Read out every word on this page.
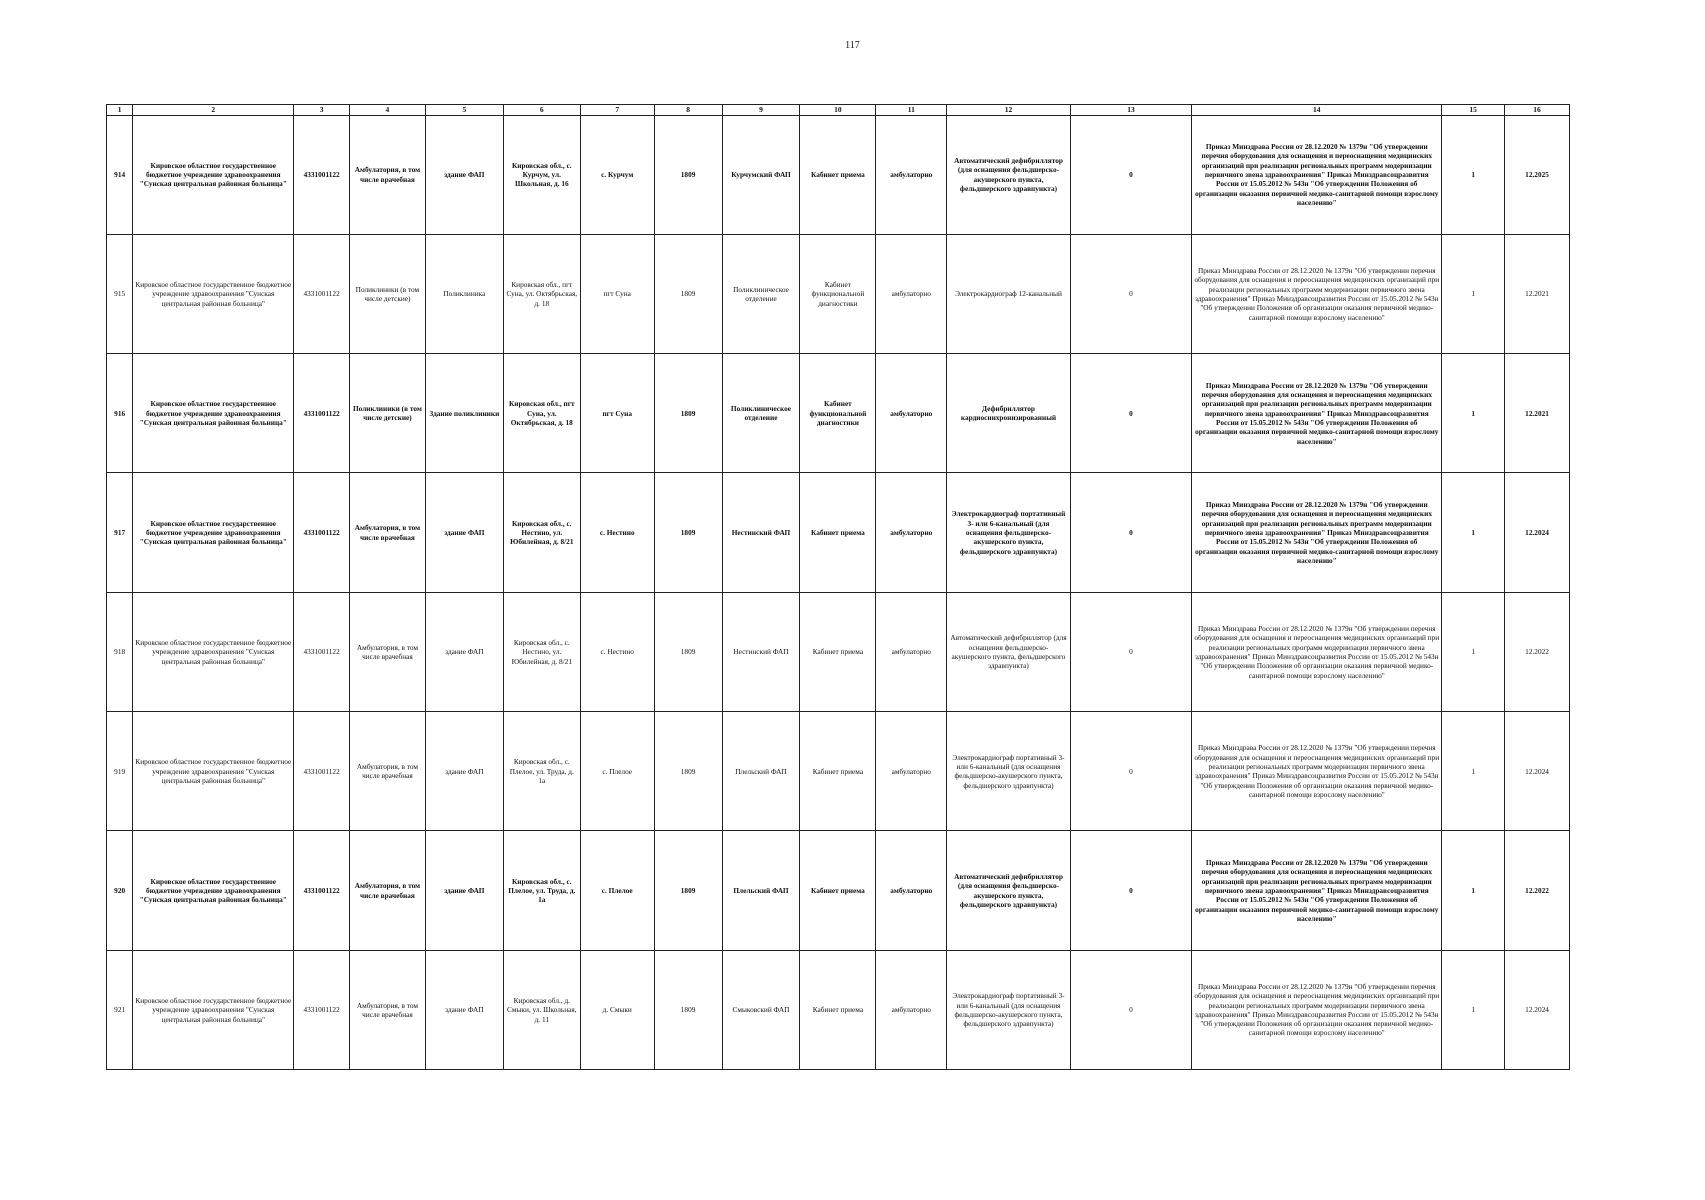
117
1	2	3	4	5	6	7	8	9	10	11	12	13	14	15	16
914	Кировское областное государственное бюджетное учреждение здравоохранения "Сунская центральная районная больница"	4331001122	Амбулатория, в том числе врачебная	здание ФАП	Кировская обл., с. Курчум, ул. Школьная, д. 16	с. Курчум	1809	Курчумский ФАП	Кабинет приема	амбулаторно	Автоматический дефибриллятор (для оснащения фельдшерско-акушерского пункта, фельдшерского здравпункта)	0	Приказ Минздрава России от 28.12.2020 № 1379н "Об утверждении перечня оборудования для оснащения и переоснащения медицинских организаций при реализации региональных программ модернизации первичного звена здравоохранения" Приказ Минздравсоцразвития России от 15.05.2012 № 543н "Об утверждении Положения об организации оказания первичной медико-санитарной помощи взрослому населению"	1	12.2025
915	Кировское областное государственное бюджетное учреждение здравоохранения "Сунская центральная районная больница"	4331001122	Поликлиники (в том числе детские)	Поликлиника	Кировская обл., пгт Суна, ул. Октябрьская, д. 18	пгт Суна	1809	Поликлиническое отделение	Кабинет функциональной диагностики	амбулаторно	Электрокардиограф 12-канальный	0	Приказ Минздрава России от 28.12.2020 № 1379н "Об утверждении перечня оборудования для оснащения и переоснащения медицинских организаций при реализации региональных программ модернизации первичного звена здравоохранения" Приказ Минздравсоцразвития России от 15.05.2012 № 543н "Об утверждении Положения об организации оказания первичной медико-санитарной помощи взрослому населению"	1	12.2021
916	Кировское областное государственное бюджетное учреждение здравоохранения "Сунская центральная районная больница"	4331001122	Поликлиники (в том числе детские)	Здание поликлиники	Кировская обл., пгт Суна, ул. Октябрьская, д. 18	пгт Суна	1809	Поликлиническое отделение	Кабинет функциональной диагностики	амбулаторно	Дефибриллятор кардиосинхронизированный	0	Приказ Минздрава России от 28.12.2020 № 1379н "Об утверждении перечня оборудования для оснащения и переоснащения медицинских организаций при реализации региональных программ модернизации первичного звена здравоохранения" Приказ Минздравсоцразвития России от 15.05.2012 № 543н "Об утверждении Положения об организации оказания первичной медико-санитарной помощи взрослому населению"	1	12.2021
917	Кировское областное государственное бюджетное учреждение здравоохранения "Сунская центральная районная больница"	4331001122	Амбулатория, в том числе врачебная	здание ФАП	Кировская обл., с. Нестино, ул. Юбилейная, д. 8/21	с. Нестино	1809	Нестинский ФАП	Кабинет приема	амбулаторно	Электрокардиограф портативный 3- или 6-канальный (для оснащения фельдшерско-акушерского пункта, фельдшерского здравпункта)	0	Приказ Минздрава России от 28.12.2020 № 1379н "Об утверждении перечня оборудования для оснащения и переоснащения медицинских организаций при реализации региональных программ модернизации первичного звена здравоохранения" Приказ Минздравсоцразвития России от 15.05.2012 № 543н "Об утверждении Положения об организации оказания первичной медико-санитарной помощи взрослому населению"	1	12.2024
918	Кировское областное государственное бюджетное учреждение здравоохранения "Сунская центральная районная больница"	4331001122	Амбулатория, в том числе врачебная	здание ФАП	Кировская обл., с. Нестино, ул. Юбилейная, д. 8/21	с. Нестино	1809	Нестинский ФАП	Кабинет приема	амбулаторно	Автоматический дефибриллятор (для оснащения фельдшерско-акушерского пункта, фельдшерского здравпункта)	0	Приказ Минздрава России от 28.12.2020 № 1379н "Об утверждении перечня оборудования для оснащения и переоснащения медицинских организаций при реализации региональных программ модернизации первичного звена здравоохранения" Приказ Минздравсоцразвития России от 15.05.2012 № 543н "Об утверждении Положения об организации оказания первичной медико-санитарной помощи взрослому населению"	1	12.2022
919	Кировское областное государственное бюджетное учреждение здравоохранения "Сунская центральная районная больница"	4331001122	Амбулатория, в том числе врачебная	здание ФАП	Кировская обл., с. Плелое, ул. Труда, д. 1а	с. Плелое	1809	Плельский ФАП	Кабинет приема	амбулаторно	Электрокардиограф портативный 3- или 6-канальный (для оснащения фельдшерско-акушерского пункта, фельдшерского здравпункта)	0	Приказ Минздрава России от 28.12.2020 № 1379н "Об утверждении перечня оборудования для оснащения и переоснащения медицинских организаций при реализации региональных программ модернизации первичного звена здравоохранения" Приказ Минздравсоцразвития России от 15.05.2012 № 543н "Об утверждении Положения об организации оказания первичной медико-санитарной помощи взрослому населению"	1	12.2024
920	Кировское областное государственное бюджетное учреждение здравоохранения "Сунская центральная районная больница"	4331001122	Амбулатория, в том числе врачебная	здание ФАП	Кировская обл., с. Плелое, ул. Труда, д. 1а	с. Плелое	1809	Плельский ФАП	Кабинет приема	амбулаторно	Автоматический дефибриллятор (для оснащения фельдшерско-акушерского пункта, фельдшерского здравпункта)	0	Приказ Минздрава России от 28.12.2020 № 1379н "Об утверждении перечня оборудования для оснащения и переоснащения медицинских организаций при реализации региональных программ модернизации первичного звена здравоохранения" Приказ Минздравсоцразвития России от 15.05.2012 № 543н "Об утверждении Положения об организации оказания первичной медико-санитарной помощи взрослому населению"	1	12.2022
921	Кировское областное государственное бюджетное учреждение здравоохранения "Сунская центральная районная больница"	4331001122	Амбулатория, в том числе врачебная	здание ФАП	Кировская обл., д. Смыки, ул. Школьная, д. 11	д. Смыки	1809	Смыковский ФАП	Кабинет приема	амбулаторно	Электрокардиограф портативный 3- или 6-канальный (для оснащения фельдшерско-акушерского пункта, фельдшерского здравпункта)	0	Приказ Минздрава России от 28.12.2020 № 1379н "Об утверждении перечня оборудования для оснащения и переоснащения медицинских организаций при реализации региональных программ модернизации первичного звена здравоохранения" Приказ Минздравсоцразвития России от 15.05.2012 № 543н "Об утверждении Положения об организации оказания первичной медико-санитарной помощи взрослому населению"	1	12.2024
